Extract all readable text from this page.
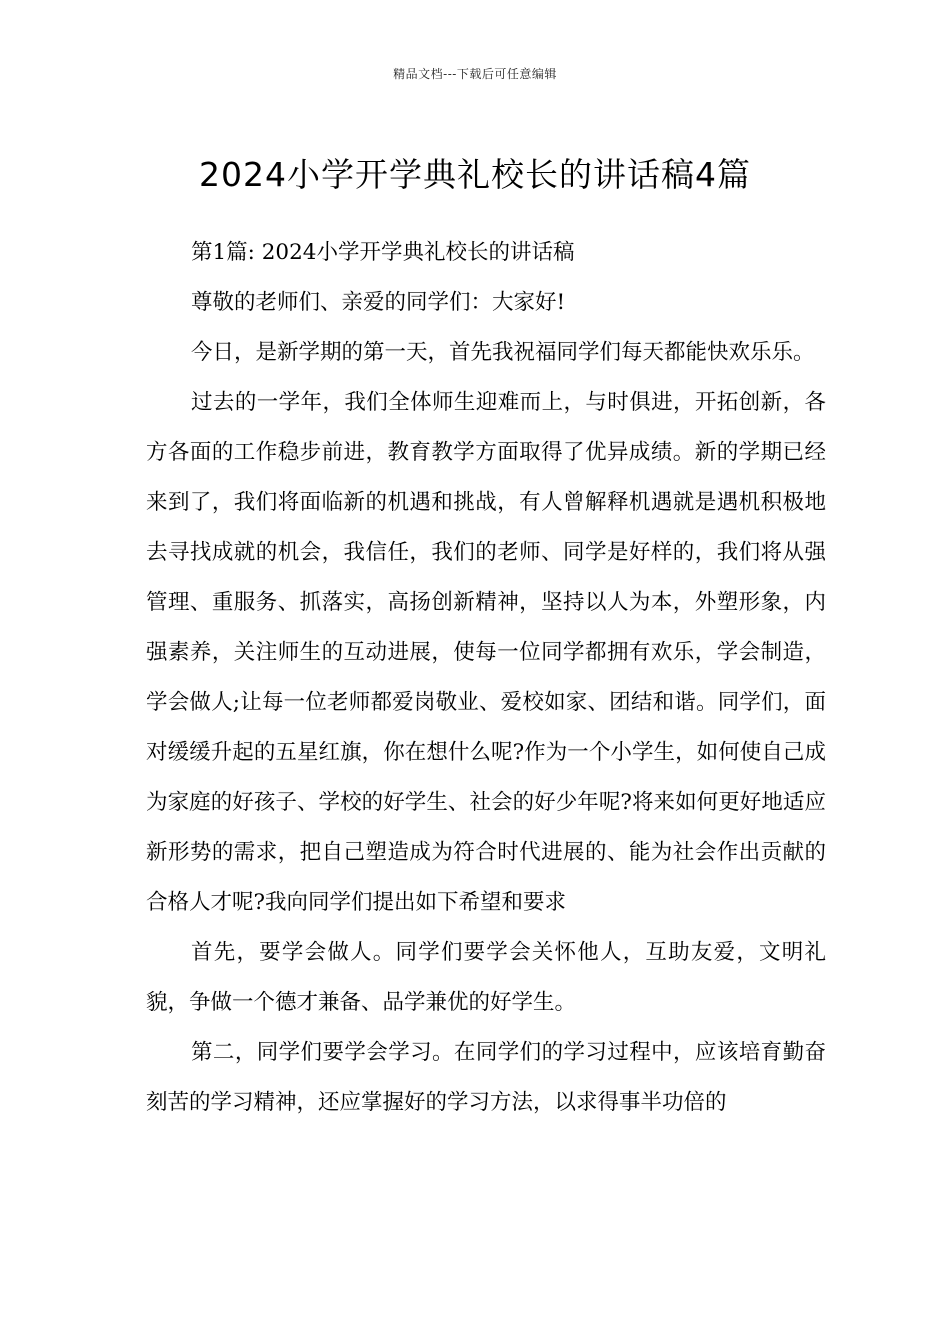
精品文档---下载后可任意编辑
2024小学开学典礼校长的讲话稿4篇

第1篇: 2024小学开学典礼校长的讲话稿

尊敬的老师们、亲爱的同学们：大家好!

今日，是新学期的第一天，首先我祝福同学们每天都能快欢乐乐。

过去的一学年，我们全体师生迎难而上，与时俱进，开拓创新，各方各面的工作稳步前进，教育教学方面取得了优异成绩。新的学期已经来到了，我们将面临新的机遇和挑战，有人曾解释机遇就是遇机积极地去寻找成就的机会，我信任，我们的老师、同学是好样的，我们将从强管理、重服务、抓落实，高扬创新精神，坚持以人为本，外塑形象，内强素养，关注师生的互动进展，使每一位同学都拥有欢乐，学会制造，学会做人;让每一位老师都爱岗敬业、爱校如家、团结和谐。同学们，面对缓缓升起的五星红旗，你在想什么呢?作为一个小学生，如何使自己成为家庭的好孩子、学校的好学生、社会的好少年呢?将来如何更好地适应新形势的需求，把自己塑造成为符合时代进展的、能为社会作出贡献的合格人才呢?我向同学们提出如下希望和要求

首先，要学会做人。同学们要学会关怀他人，互助友爱，文明礼貌，争做一个德才兼备、品学兼优的好学生。

第二，同学们要学会学习。在同学们的学习过程中，应该培育勤奋刻苦的学习精神，还应掌握好的学习方法，以求得事半功倍的
